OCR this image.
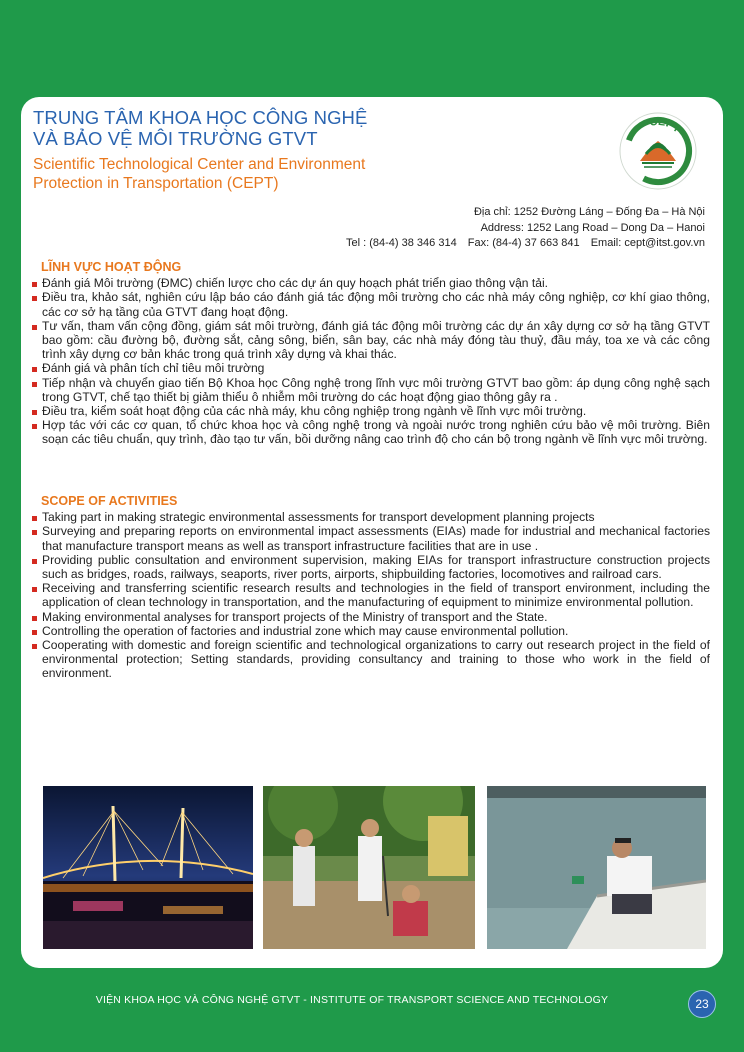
TRUNG TÂM KHOA HỌC CÔNG NGHỆ
VÀ BẢO VỆ MÔI TRƯỜNG GTVT
Scientific Technological Center and Environment
Protection in Transportation (CEPT)
CEPT
Địa chỉ: 1252 Đường Láng – Đống Đa – Hà Nội
Address: 1252 Lang Road – Dong Da – Hanoi
Tel : (84-4) 38 346 314 Fax: (84-4) 37 663 841 Email: cept@itst.gov.vn
LĨNH VỰC HOẠT ĐỘNG
Đánh giá Môi trường (ĐMC) chiến lược cho các dự án quy hoạch phát triển giao thông vận tải.
Điều tra, khảo sát, nghiên cứu lập báo cáo đánh giá tác động môi trường cho các nhà máy công nghiệp, cơ khí giao thông, các cơ sở hạ tầng của GTVT đang hoạt động.
Tư vấn, tham vấn cộng đồng, giám sát môi trường, đánh giá tác động môi trường các dự án xây dựng cơ sở hạ tầng GTVT bao gồm: cầu đường bộ, đường sắt, cảng sông, biển, sân bay, các nhà máy đóng tàu thuỷ, đầu máy, toa xe và các công trình xây dựng cơ bản khác trong quá trình xây dựng và khai thác.
Đánh giá và phân tích chỉ tiêu môi trường
Tiếp nhận và chuyển giao tiến Bộ Khoa học Công nghệ trong lĩnh vực môi trường GTVT bao gồm: áp dụng công nghệ sạch trong GTVT, chế tạo thiết bị giảm thiểu ô nhiễm môi trường do các hoạt động giao thông gây ra .
Điều tra, kiểm soát hoạt động của các nhà máy, khu công nghiệp trong ngành về lĩnh vực môi trường.
Hợp tác với các cơ quan, tổ chức khoa học và công nghệ trong và ngoài nước trong nghiên cứu bảo vệ môi trường. Biên soạn các tiêu chuẩn, quy trình, đào tạo tư vấn, bồi dưỡng nâng cao trình độ cho cán bộ trong ngành về lĩnh vực môi trường.
SCOPE OF ACTIVITIES
Taking part in making strategic environmental assessments for transport development planning projects
Surveying and preparing reports on environmental impact assessments (EIAs) made for industrial and mechanical factories that manufacture transport means as well as transport infrastructure facilities that are in use .
Providing public consultation and environment supervision, making EIAs for transport infrastructure construction projects such as bridges, roads, railways, seaports, river ports, airports, shipbuilding factories, locomotives and railroad cars.
Receiving and transferring scientific research results and technologies in the field of transport environment, including the application of clean technology in transportation, and the manufacturing of equipment to minimize environmental pollution.
Making environmental analyses for transport projects of the Ministry of transport and the State.
Controlling the operation of factories and industrial zone which may cause environmental pollution.
Cooperating with domestic and foreign scientific and technological organizations to carry out research project in the field of environmental protection; Setting standards, providing consultancy and training to those who work in the field of environment.
VIỆN KHOA HỌC VÀ CÔNG NGHỆ GTVT - INSTITUTE OF TRANSPORT SCIENCE AND TECHNOLOGY	23
